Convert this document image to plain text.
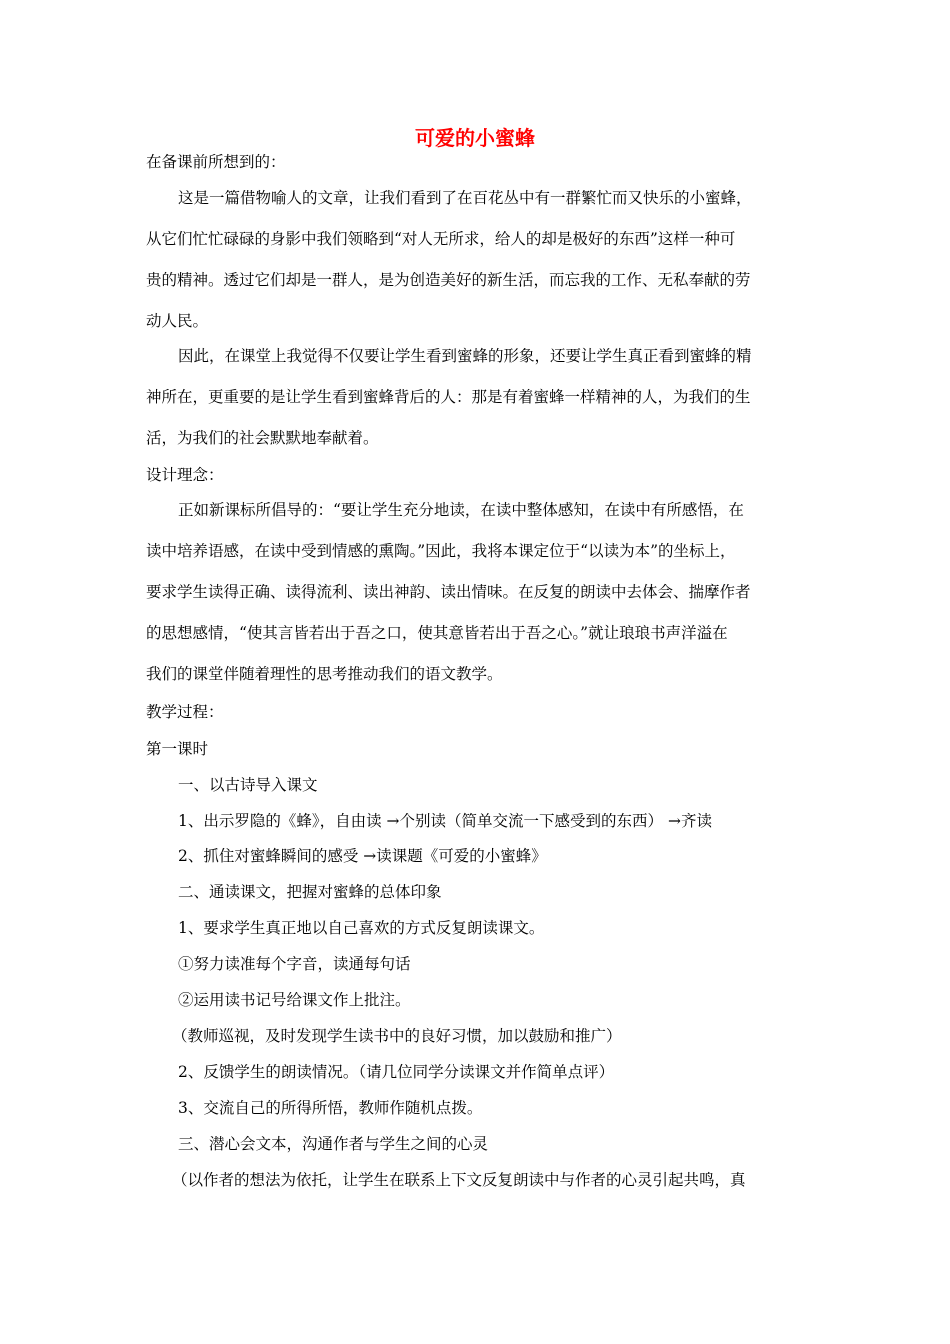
可爱的小蜜蜂
在备课前所想到的：
这是一篇借物喻人的文章，让我们看到了在百花丛中有一群繁忙而又快乐的小蜜蜂，
从它们忙忙碌碌的身影中我们领略到“对人无所求，给人的却是极好的东西”这样一种可
贵的精神。透过它们却是一群人，是为创造美好的新生活，而忘我的工作、无私奉献的劳
动人民。
因此，在课堂上我觉得不仅要让学生看到蜜蜂的形象，还要让学生真正看到蜜蜂的精
神所在，更重要的是让学生看到蜜蜂背后的人：那是有着蜜蜂一样精神的人，为我们的生
活，为我们的社会默默地奉献着。
设计理念：
正如新课标所倡导的：“要让学生充分地读，在读中整体感知，在读中有所感悟，在
读中培养语感，在读中受到情感的熏陶。”因此，我将本课定位于“以读为本”的坐标上，
要求学生读得正确、读得流利、读出神韵、读出情味。在反复的朗读中去体会、揣摩作者
的思想感情，“使其言皆若出于吾之口，使其意皆若出于吾之心。”就让琅琅书声洋溢在
我们的课堂伴随着理性的思考推动我们的语文教学。
教学过程：
第一课时
一、以古诗导入课文
1、出示罗隐的《蜂》，自由读 →个别读（简单交流一下感受到的东西） →齐读
2、抓住对蜜蜂瞬间的感受 →读课题《可爱的小蜜蜂》
二、通读课文，把握对蜜蜂的总体印象
1、要求学生真正地以自己喜欢的方式反复朗读课文。
①努力读准每个字音，读通每句话
②运用读书记号给课文作上批注。
（教师巡视，及时发现学生读书中的良好习惯，加以鼓励和推广）
2、反馈学生的朗读情况。（请几位同学分读课文并作简单点评）
3、交流自己的所得所悟，教师作随机点拨。
三、潜心会文本，沟通作者与学生之间的心灵
（以作者的想法为依托，让学生在联系上下文反复朗读中与作者的心灵引起共鸣，真
